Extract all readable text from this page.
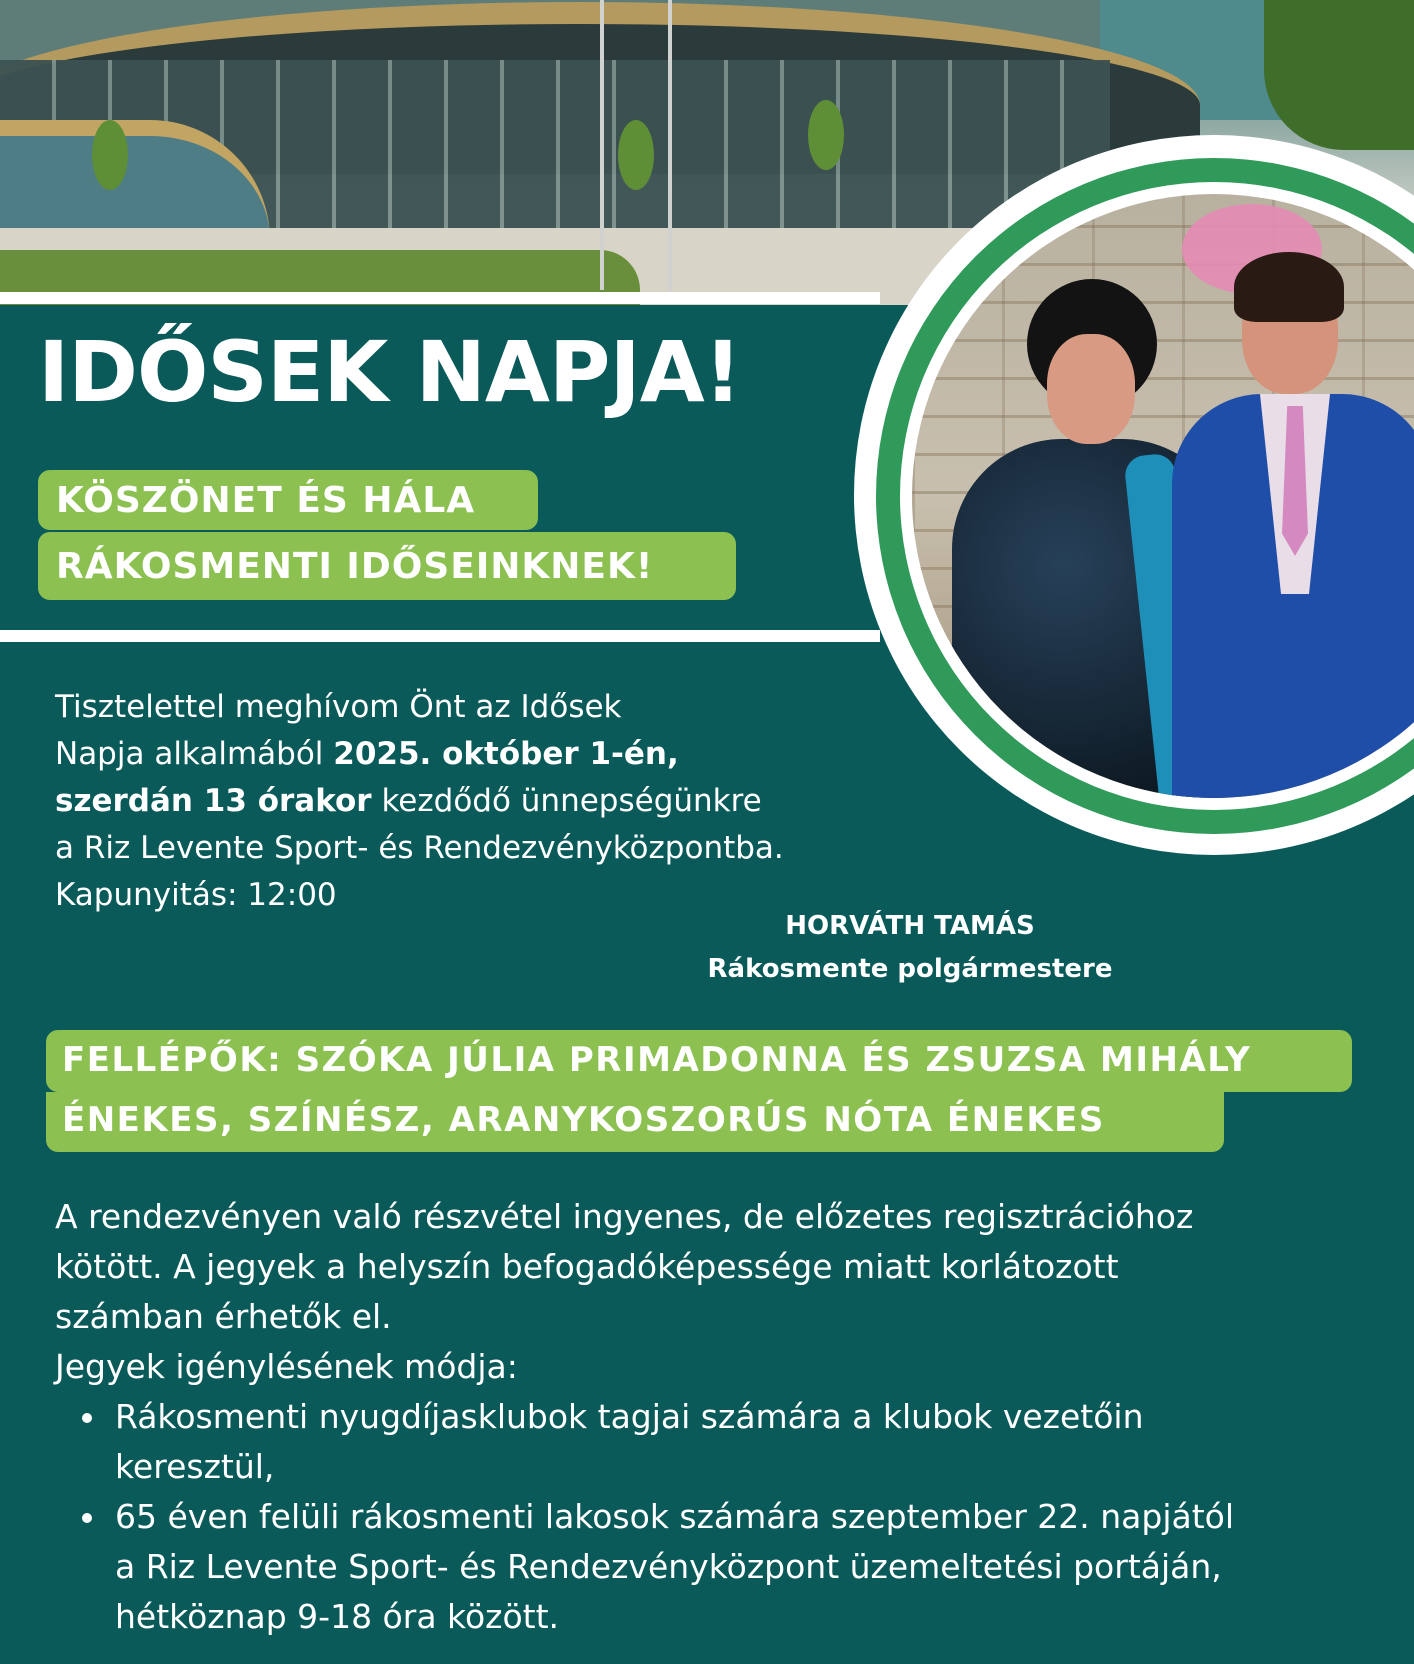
IDŐSEK NAPJA!
KÖSZÖNET ÉS HÁLA
RÁKOSMENTI IDŐSEINKNEK!

Tisztelettel meghívom Önt az Idősek

Napja alkalmából 2025. október 1-én,

szerdán 13 órakor kezdődő ünnepségünkre

a Riz Levente Sport- és Rendezvényközpontba.

Kapunyitás: 12:00

HORVÁTH TAMÁS
Rákosmente polgármestere
FELLÉPŐK: SZÓKA JÚLIA PRIMADONNA ÉS ZSUZSA MIHÁLY
ÉNEKES, SZÍNÉSZ, ARANYKOSZORÚS NÓTA ÉNEKES

A rendezvényen való részvétel ingyenes, de előzetes regisztrációhoz

kötött. A jegyek a helyszín befogadóképessége miatt korlátozott

számban érhetők el.

Jegyek igénylésének módja:

Rákosmenti nyugdíjasklubok tagjai számára a klubok vezetőin
keresztül,
65 éven felüli rákosmenti lakosok számára szeptember 22. napjától
a Riz Levente Sport- és Rendezvényközpont üzemeltetési portáján,
hétköznap 9-18 óra között.
